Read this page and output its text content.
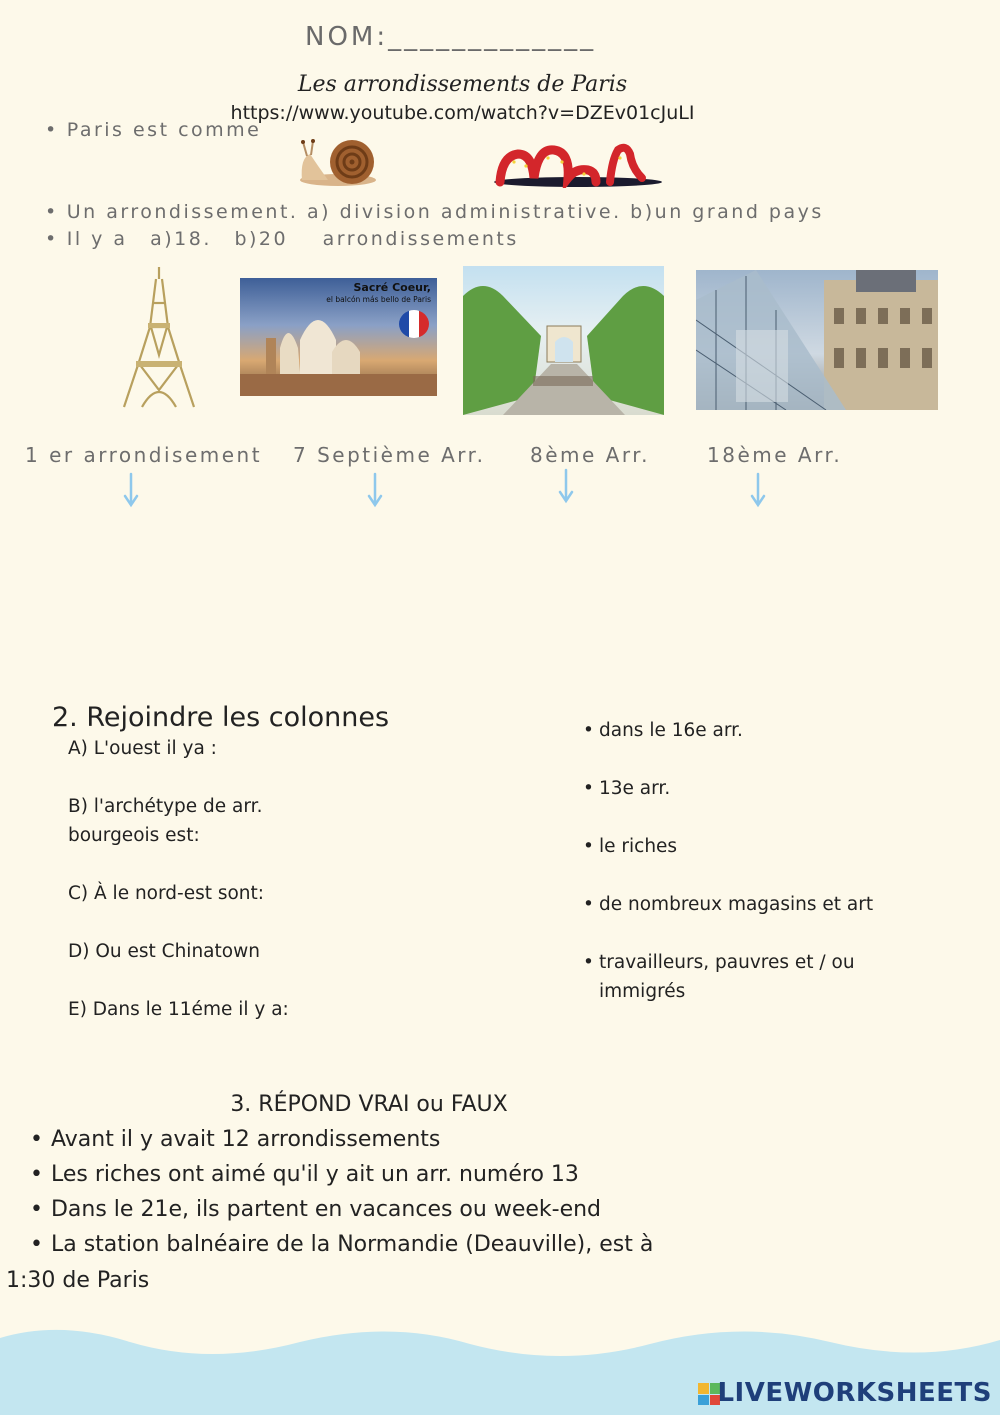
NOM:_____________
Les arrondissements de Paris
https://www.youtube.com/watch?v=DZEv01cJuLI
• Paris est comme
• Un arrondissement. a) division administrative. b)un grand pays
• Il y a a)18. b)20 arrondissements
Sacré Coeur,
el balcón más bello de Paris
1 er arrondisement 7 Septième Arr. 8ème Arr.	18ème Arr.
2. Rejoindre les colonnes
A) L'ouest il ya :
B) l'archétype de arr. bourgeois est:
C) À le nord-est sont:
D) Ou est Chinatown
E) Dans le 11éme il y a:
• dans le 16e arr.
• 13e arr.
• le riches
• de nombreux magasins et art
• travailleurs, pauvres et / ou immigrés
3. RÉPOND VRAI ou FAUX
• Avant il y avait 12 arrondissements
• Les riches ont aimé qu'il y ait un arr. numéro 13
• Dans le 21e, ils partent en vacances ou week-end
• La station balnéaire de la Normandie (Deauville), est à
1:30 de Paris
LIVEWORKSHEETS
